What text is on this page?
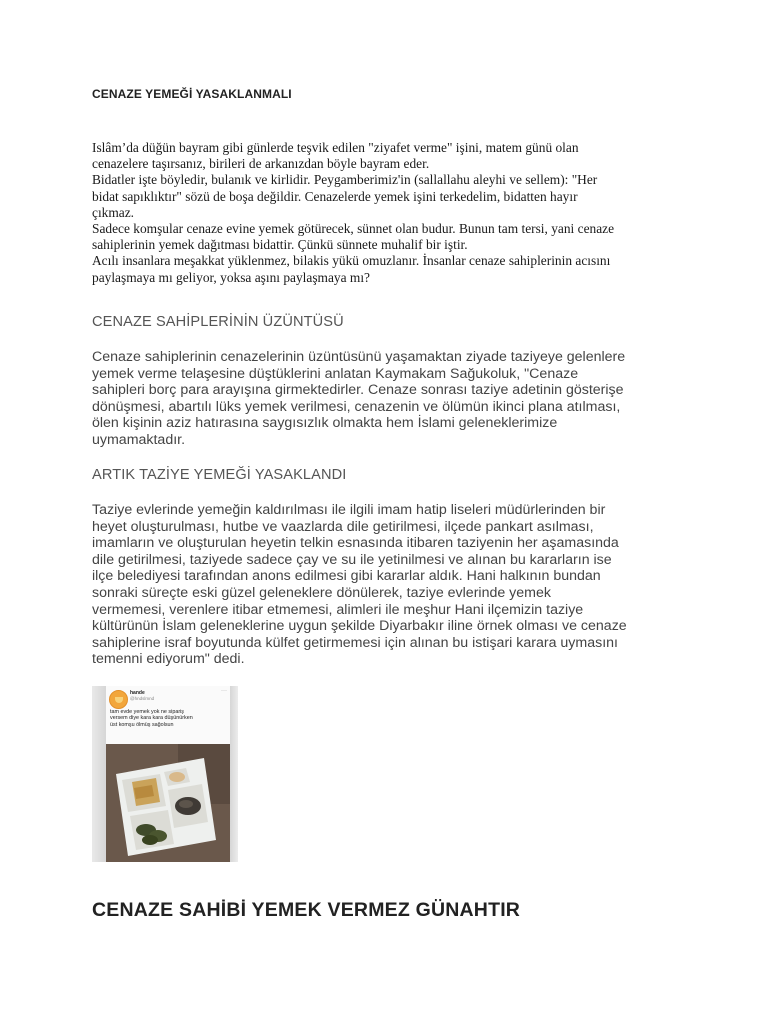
CENAZE YEMEĞİ YASAKLANMALI

Islâm’da düğün bayram gibi günlerde teşvik edilen "ziyafet verme" işini, matem günü olan

cenazelere taşırsanız, birileri de arkanızdan böyle bayram eder.

Bidatler işte böyledir, bulanık ve kirlidir. Peygamberimiz'in (sallallahu aleyhi ve sellem): "Her

bidat sapıklıktır" sözü de boşa değildir. Cenazelerde yemek işini terkedelim, bidatten hayır

çıkmaz.

Sadece komşular cenaze evine yemek götürecek, sünnet olan budur. Bunun tam tersi, yani cenaze

sahiplerinin yemek dağıtması bidattir. Çünkü sünnete muhalif bir iştir.

Acılı insanlara meşakkat yüklenmez, bilakis yükü omuzlanır. İnsanlar cenaze sahiplerinin acısını

paylaşmaya mı geliyor, yoksa aşını paylaşmaya mı?

CENAZE SAHİPLERİNİN ÜZÜNTÜSÜ

Cenaze sahiplerinin cenazelerinin üzüntüsünü yaşamaktan ziyade taziyeye gelenlere

yemek verme telaşesine düştüklerini anlatan Kaymakam Sağukoluk, "Cenaze

sahipleri borç para arayışına girmektedirler. Cenaze sonrası taziye adetinin gösterişe

dönüşmesi, abartılı lüks yemek verilmesi, cenazenin ve ölümün ikinci plana atılması,

ölen kişinin aziz hatırasına saygısızlık olmakta hem İslami geleneklerimize

uymamaktadır.

ARTIK TAZİYE YEMEĞİ YASAKLANDI

Taziye evlerinde yemeğin kaldırılması ile ilgili imam hatip liseleri müdürlerinden bir

heyet oluşturulması, hutbe ve vaazlarda dile getirilmesi, ilçede pankart asılması,

imamların ve oluşturulan heyetin telkin esnasında itibaren taziyenin her aşamasında

dile getirilmesi, taziyede sadece çay ve su ile yetinilmesi ve alınan bu kararların ise

ilçe belediyesi tarafından anons edilmesi gibi kararlar aldık. Hani halkının bundan

sonraki süreçte eski güzel geleneklere dönülerek, taziye evlerinde yemek

vermemesi, verenlere itibar etmemesi, alimleri ile meşhur Hani ilçemizin taziye

kültürünün İslam geleneklerine uygun şekilde Diyarbakır iline örnek olması ve cenaze

sahiplerine israf boyutunda külfet getirmemesi için alınan bu istişari karara uymasını

temenni ediyorum" dedi.

hande
@hndslmnd
···

tam evde yemek yok ne sipariş

versem diye kara kara düşünürken

üst komşu ölmüş sağolsun

CENAZE SAHİBİ YEMEK VERMEZ GÜNAHTIR
